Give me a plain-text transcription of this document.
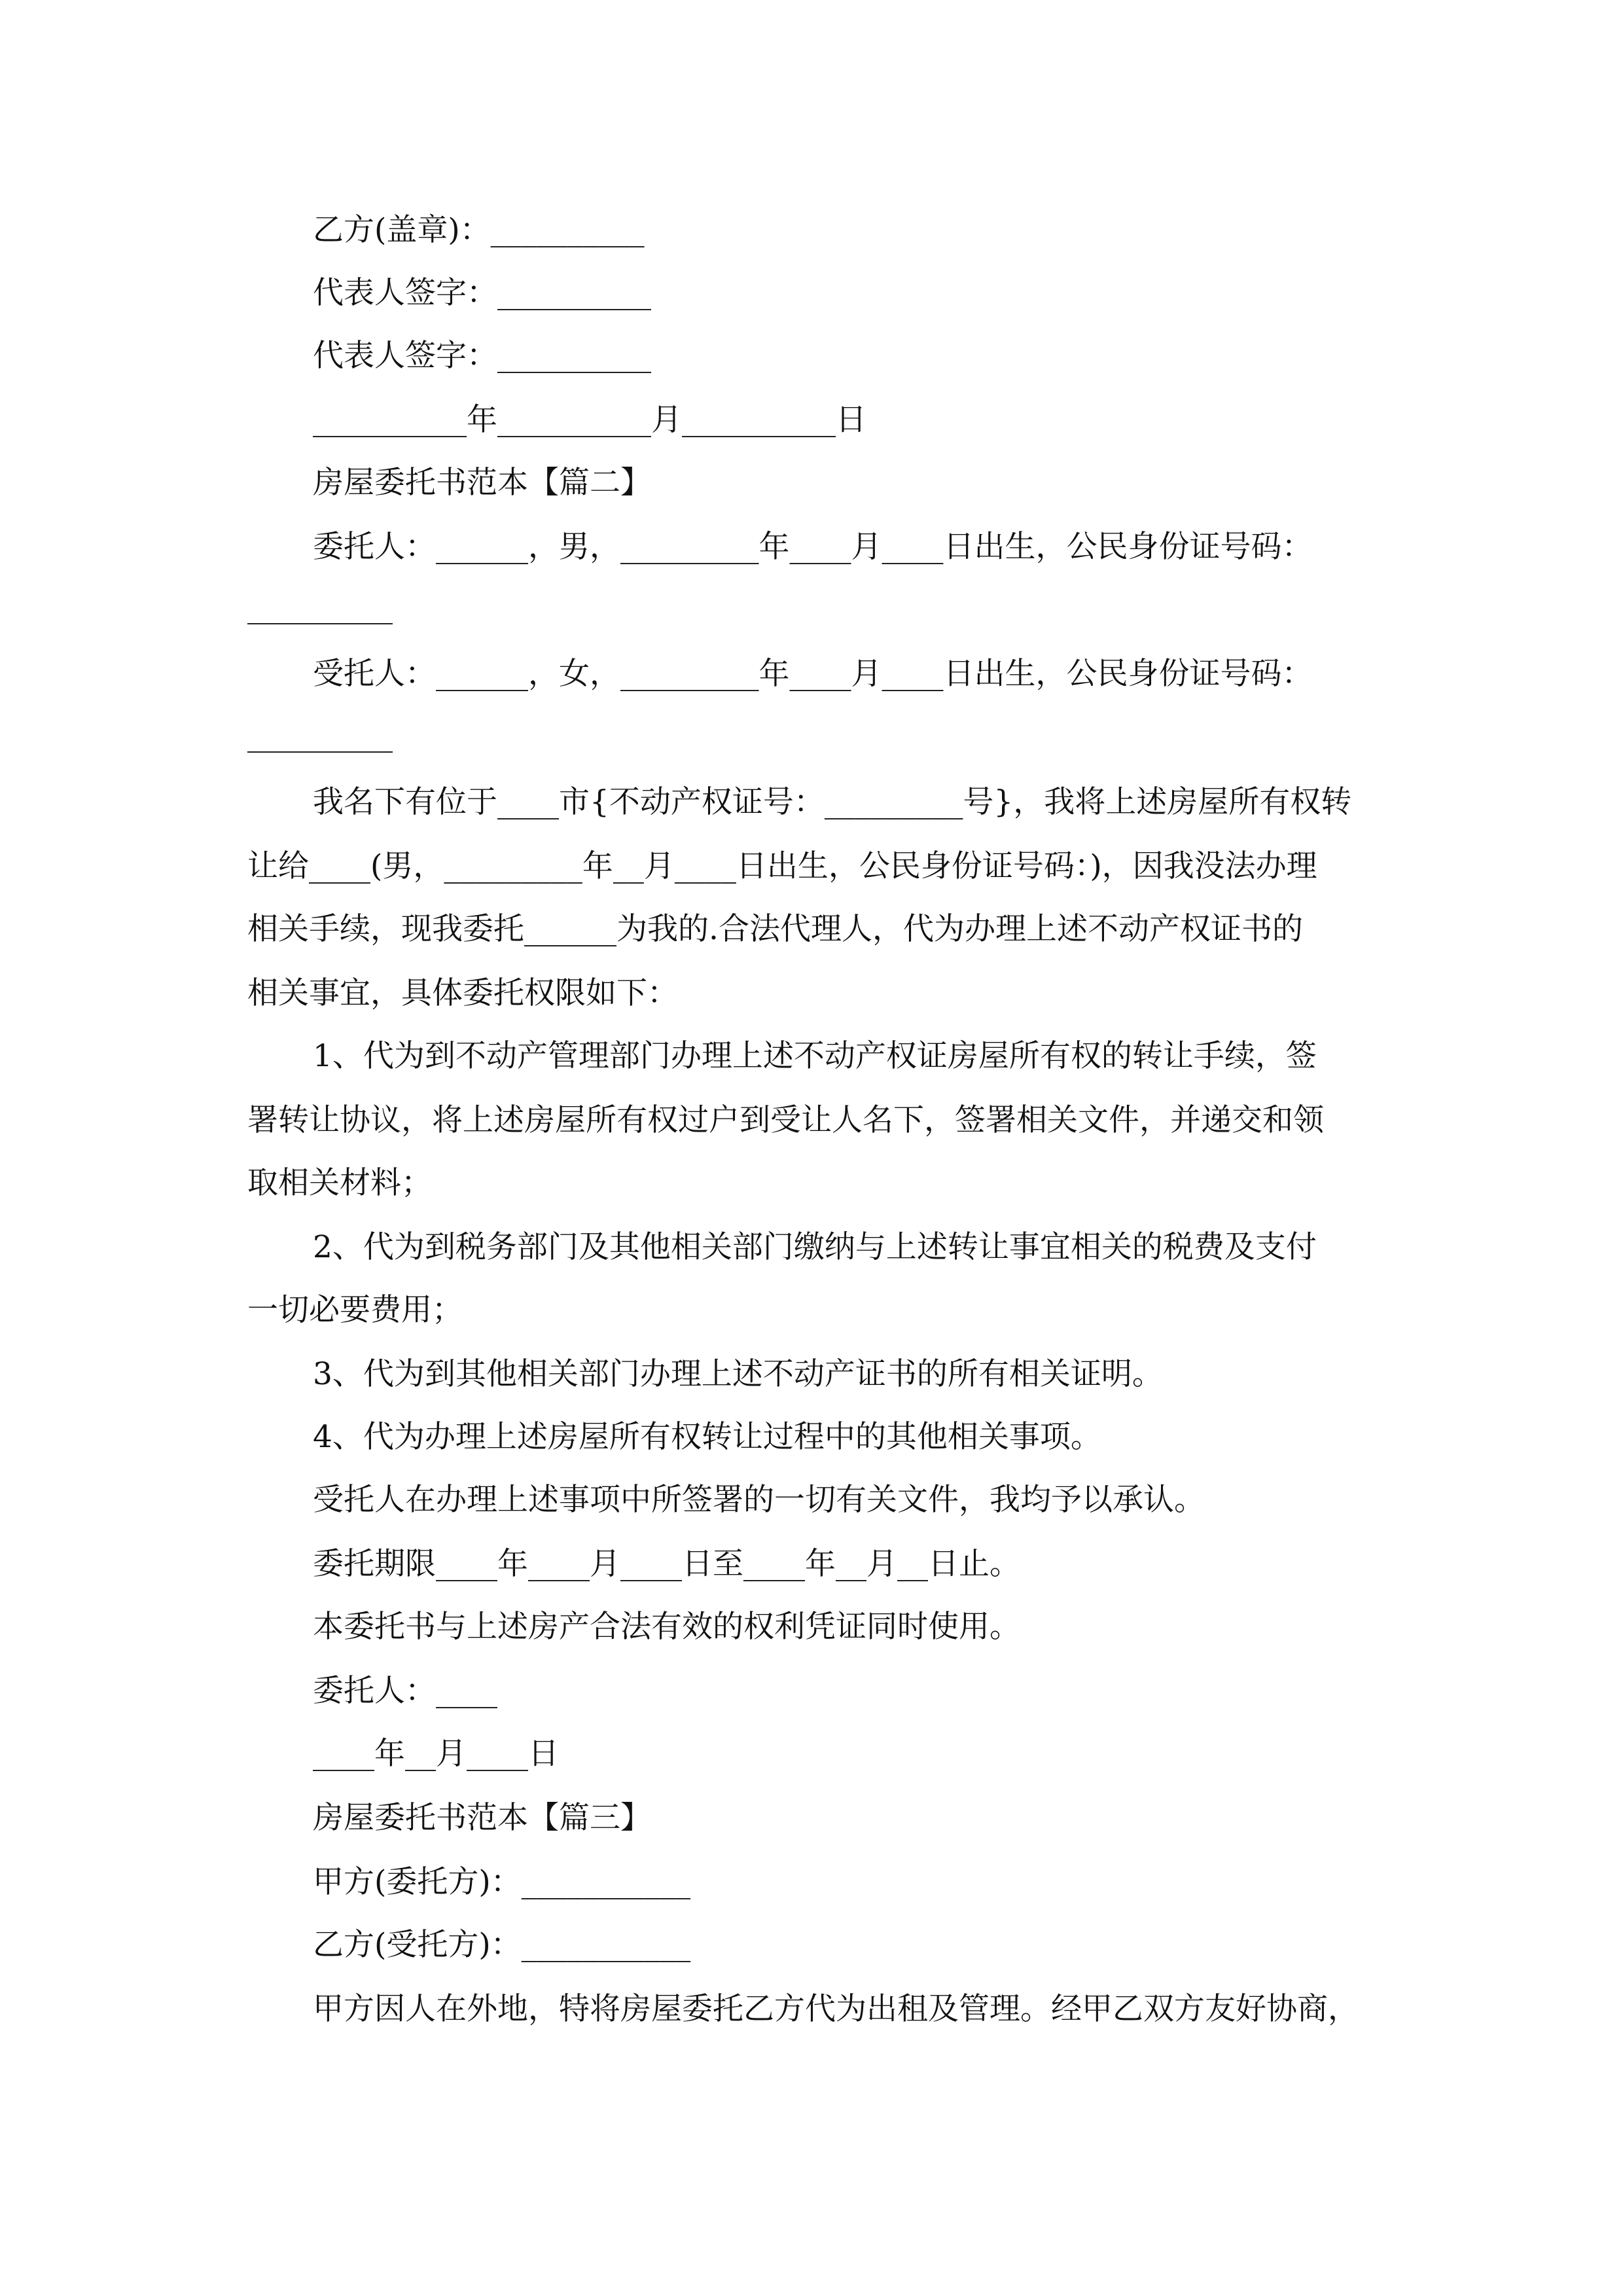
乙方(盖章)：__________
代表人签字：__________
代表人签字：__________
__________年__________月__________日
房屋委托书范本【篇二】
委托人：______，男，_________年____月____日出生，公民身份证号码：
受托人：______，女，_________年____月____日出生，公民身份证号码：
我名下有位于____市{不动产权证号：_________号}，我将上述房屋所有权转
让给____(男，_________年__月____日出生，公民身份证号码：)，因我没法办理
相关手续，现我委托______为我的.合法代理人，代为办理上述不动产权证书的
相关事宜，具体委托权限如下：
1、代为到不动产管理部门办理上述不动产权证房屋所有权的转让手续，签
署转让协议，将上述房屋所有权过户到受让人名下，签署相关文件，并递交和领
取相关材料；
2、代为到税务部门及其他相关部门缴纳与上述转让事宜相关的税费及支付
一切必要费用；
3、代为到其他相关部门办理上述不动产证书的所有相关证明。
4、代为办理上述房屋所有权转让过程中的其他相关事项。
受托人在办理上述事项中所签署的一切有关文件，我均予以承认。
委托期限____年____月____日至____年__月__日止。
本委托书与上述房产合法有效的权利凭证同时使用。
委托人：____
____年__月____日
房屋委托书范本【篇三】
甲方(委托方)：___________
乙方(受托方)：___________
甲方因人在外地，特将房屋委托乙方代为出租及管理。经甲乙双方友好协商，
